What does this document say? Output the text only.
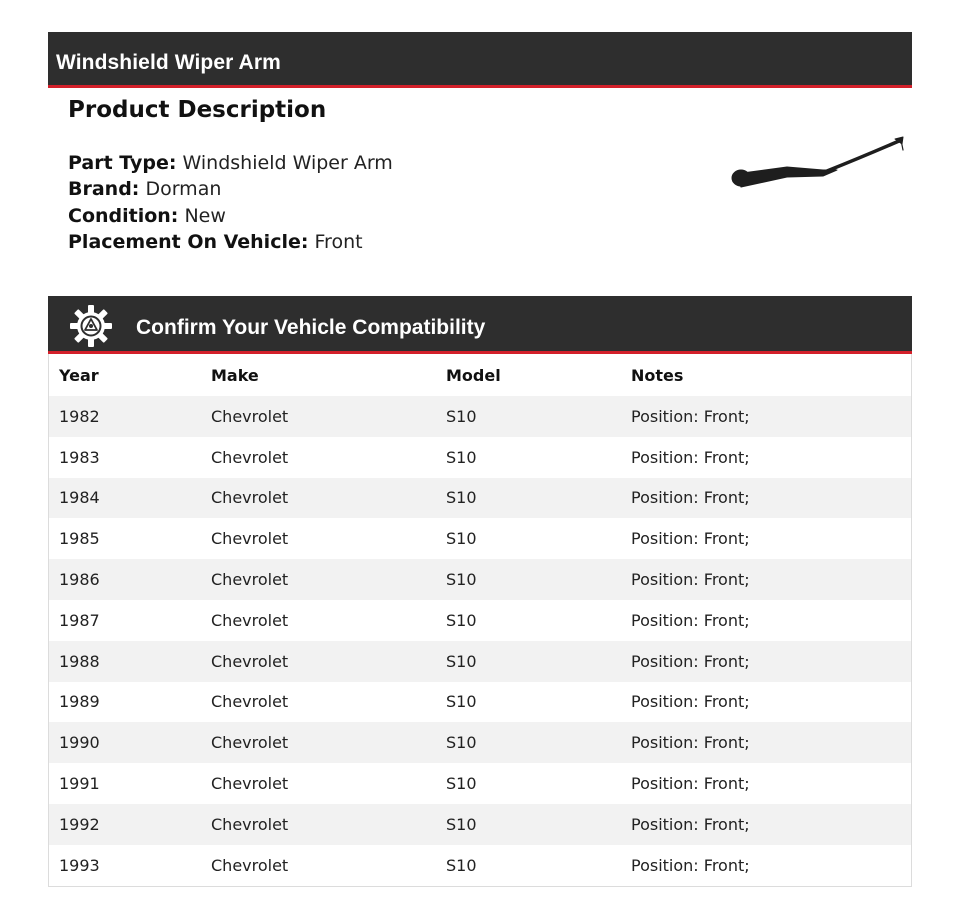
Windshield Wiper Arm
Product Description
Part Type: Windshield Wiper Arm
Brand: Dorman
Condition: New
Placement On Vehicle: Front
Confirm Your Vehicle Compatibility
Year	Make	Model	Notes
1982	Chevrolet	S10	Position: Front;
1983	Chevrolet	S10	Position: Front;
1984	Chevrolet	S10	Position: Front;
1985	Chevrolet	S10	Position: Front;
1986	Chevrolet	S10	Position: Front;
1987	Chevrolet	S10	Position: Front;
1988	Chevrolet	S10	Position: Front;
1989	Chevrolet	S10	Position: Front;
1990	Chevrolet	S10	Position: Front;
1991	Chevrolet	S10	Position: Front;
1992	Chevrolet	S10	Position: Front;
1993	Chevrolet	S10	Position: Front;
